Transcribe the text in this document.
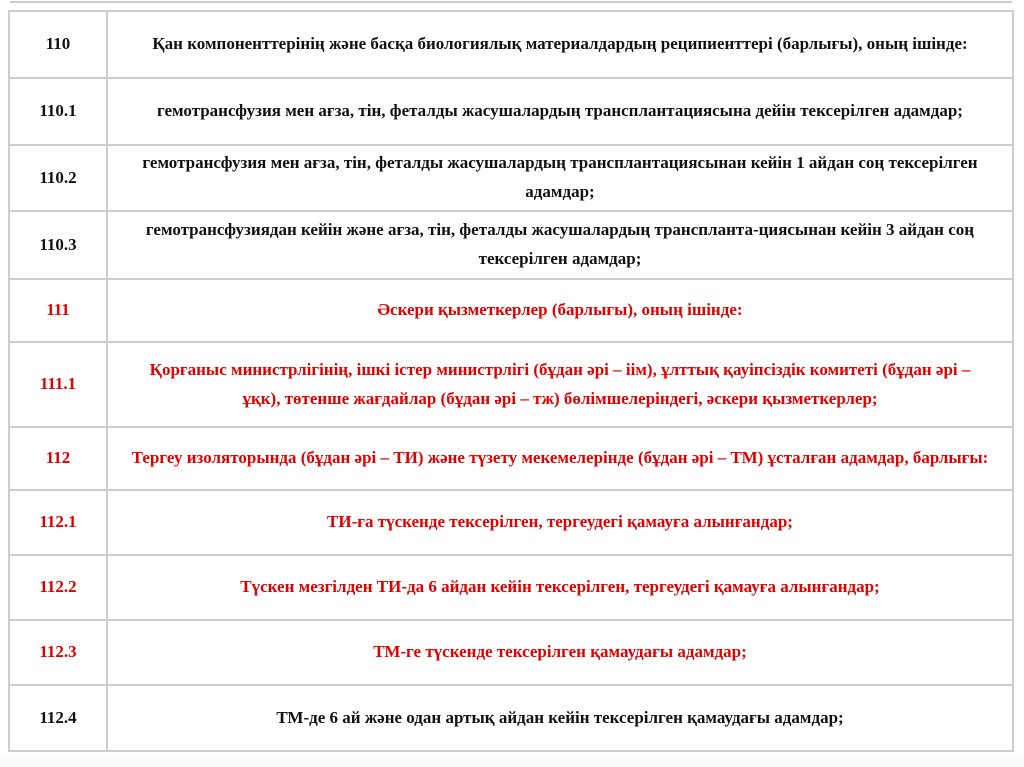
110	Қан компоненттерінің және басқа биологиялық материалдардың реципиенттері (барлығы), оның ішінде:
110.1	гемотрансфузия мен ағза, тін, феталды жасушалардың трансплантациясына дейін тексерілген адамдар;
110.2	гемотрансфузия мен ағза, тін, феталды жасушалардың трансплантациясынан кейін 1 айдан соң тексерілген адамдар;
110.3	гемотрансфузиядан кейін және ағза, тін, феталды жасушалардың транспланта-циясынан кейін 3 айдан соң тексерілген адамдар;
111	Әскери қызметкерлер (барлығы), оның ішінде:
111.1	Қорғаныс министрлігінің, ішкі істер министрлігі (бұдан әрі – іім), ұлттық қауіпсіздік комитеті (бұдан әрі – ұқк), төтенше жағдайлар (бұдан әрі – тж) бөлімшелеріндегі, әскери қызметкерлер;
112	Тергеу изоляторында (бұдан әрі – ТИ) және түзету мекемелерінде (бұдан әрі – ТМ) ұсталған адамдар, барлығы:
112.1	ТИ-ға түскенде тексерілген, тергеудегі қамауға алынғандар;
112.2	Түскен мезгілден ТИ-да 6 айдан кейін тексерілген, тергеудегі қамауға алынғандар;
112.3	ТМ-ге түскенде тексерілген қамаудағы адамдар;
112.4	ТМ-де 6 ай және одан артық айдан кейін тексерілген қамаудағы адамдар;
